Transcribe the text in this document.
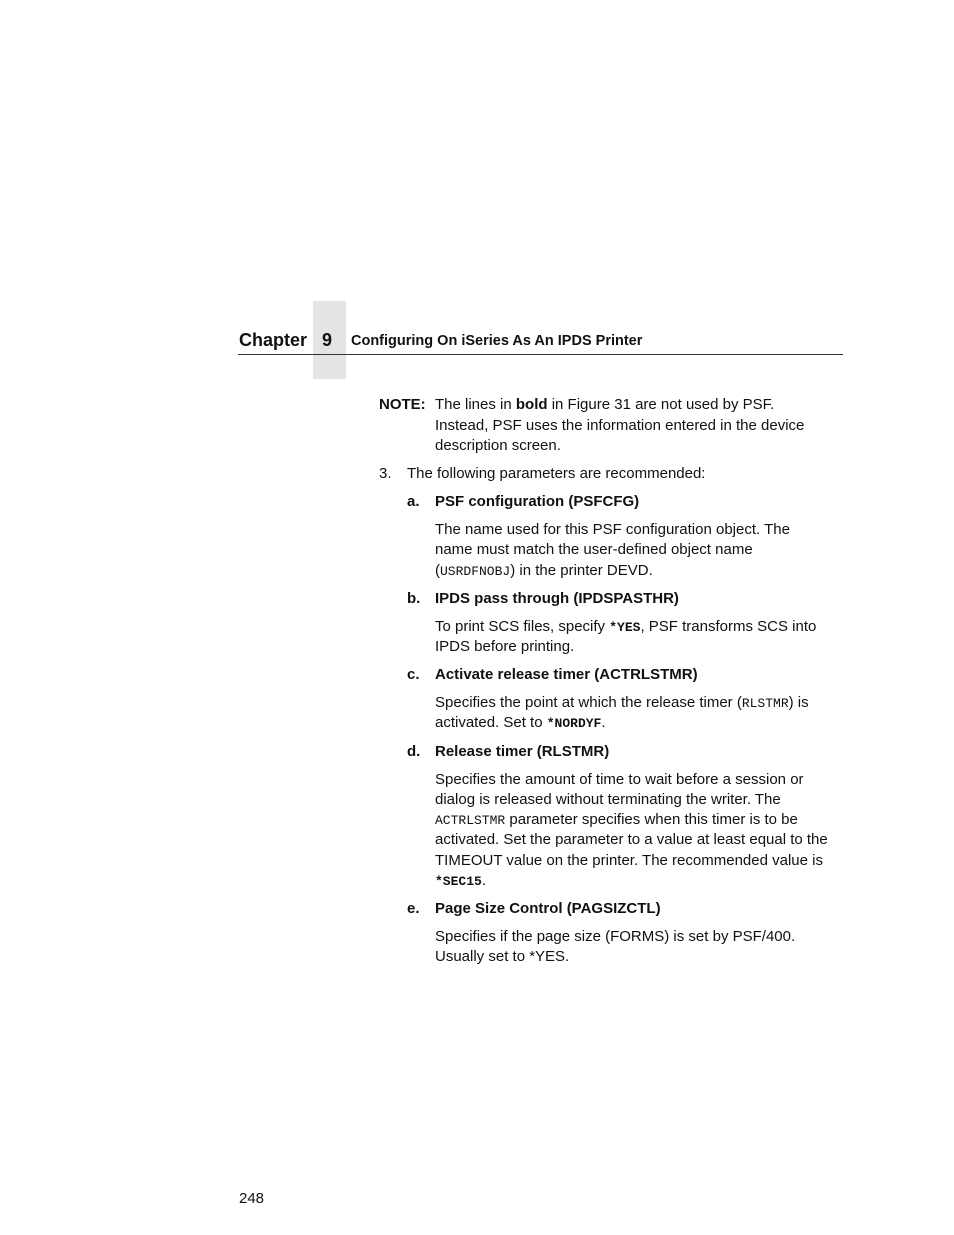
Chapter 9 Configuring On iSeries As An IPDS Printer
NOTE: The lines in bold in Figure 31 are not used by PSF.
Instead, PSF uses the information entered in the device
description screen.
3. The following parameters are recommended:
a. PSF configuration (PSFCFG)
The name used for this PSF configuration object. The
name must match the user-defined object name
(USRDFNOBJ) in the printer DEVD.
b. IPDS pass through (IPDSPASTHR)
To print SCS files, specify *YES, PSF transforms SCS into
IPDS before printing.
c. Activate release timer (ACTRLSTMR)
Specifies the point at which the release timer (RLSTMR) is
activated. Set to *NORDYF.
d. Release timer (RLSTMR)
Specifies the amount of time to wait before a session or
dialog is released without terminating the writer. The
ACTRLSTMR parameter specifies when this timer is to be
activated. Set the parameter to a value at least equal to the
TIMEOUT value on the printer. The recommended value is
*SEC15.
e. Page Size Control (PAGSIZCTL)
Specifies if the page size (FORMS) is set by PSF/400.
Usually set to *YES.
248
